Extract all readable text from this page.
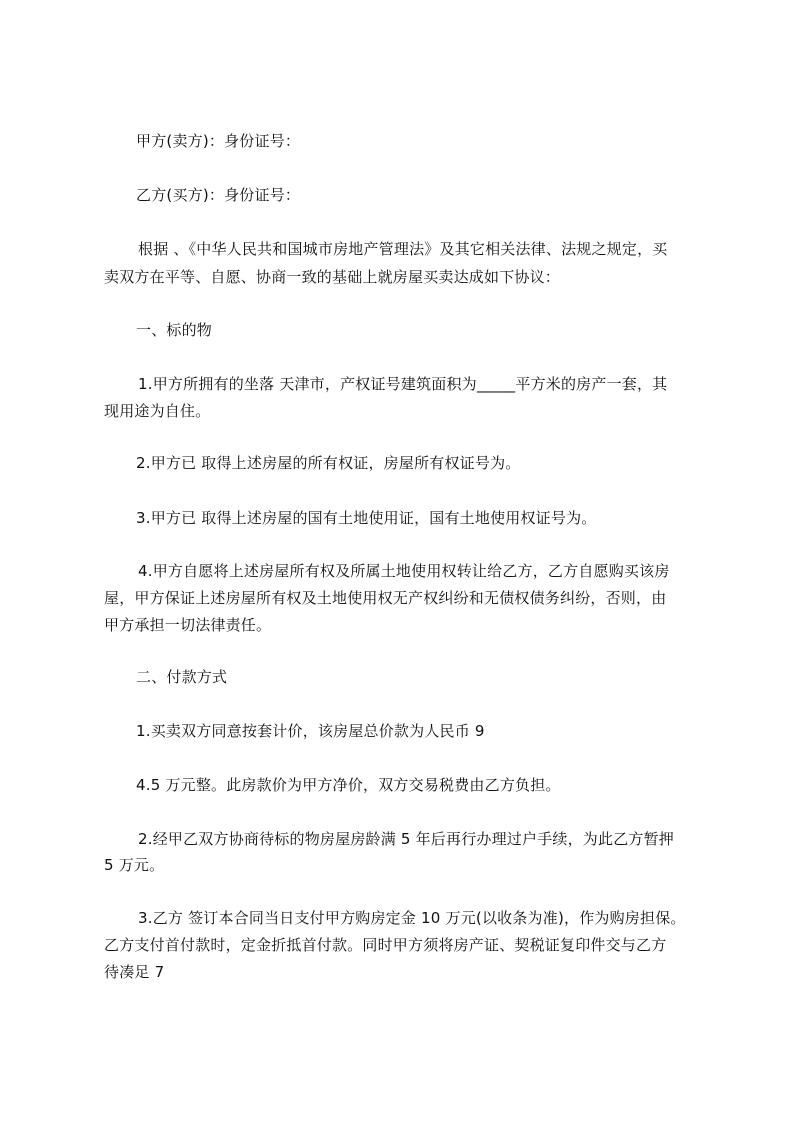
甲方(卖方)：身份证号：
乙方(买方)：身份证号：
根据 、《中华人民共和国城市房地产管理法》及其它相关法律、法规之规定，买
卖双方在平等、自愿、协商一致的基础上就房屋买卖达成如下协议：
一、标的物
1.甲方所拥有的坐落 天津市，产权证号建筑面积为_____平方米的房产一套，其
现用途为自住。
2.甲方已 取得上述房屋的所有权证，房屋所有权证号为。
3.甲方已 取得上述房屋的国有土地使用证，国有土地使用权证号为。
4.甲方自愿将上述房屋所有权及所属土地使用权转让给乙方，乙方自愿购买该房
屋，甲方保证上述房屋所有权及土地使用权无产权纠纷和无债权债务纠纷，否则，由
甲方承担一切法律责任。
二、付款方式
1.买卖双方同意按套计价，该房屋总价款为人民币 9
4.5 万元整。此房款价为甲方净价，双方交易税费由乙方负担。
2.经甲乙双方协商待标的物房屋房龄满 5 年后再行办理过户手续，为此乙方暂押
5 万元。
3.乙方 签订本合同当日支付甲方购房定金 10 万元(以收条为准)，作为购房担保。
乙方支付首付款时，定金折抵首付款。同时甲方须将房产证、契税证复印件交与乙方
待凑足 7
